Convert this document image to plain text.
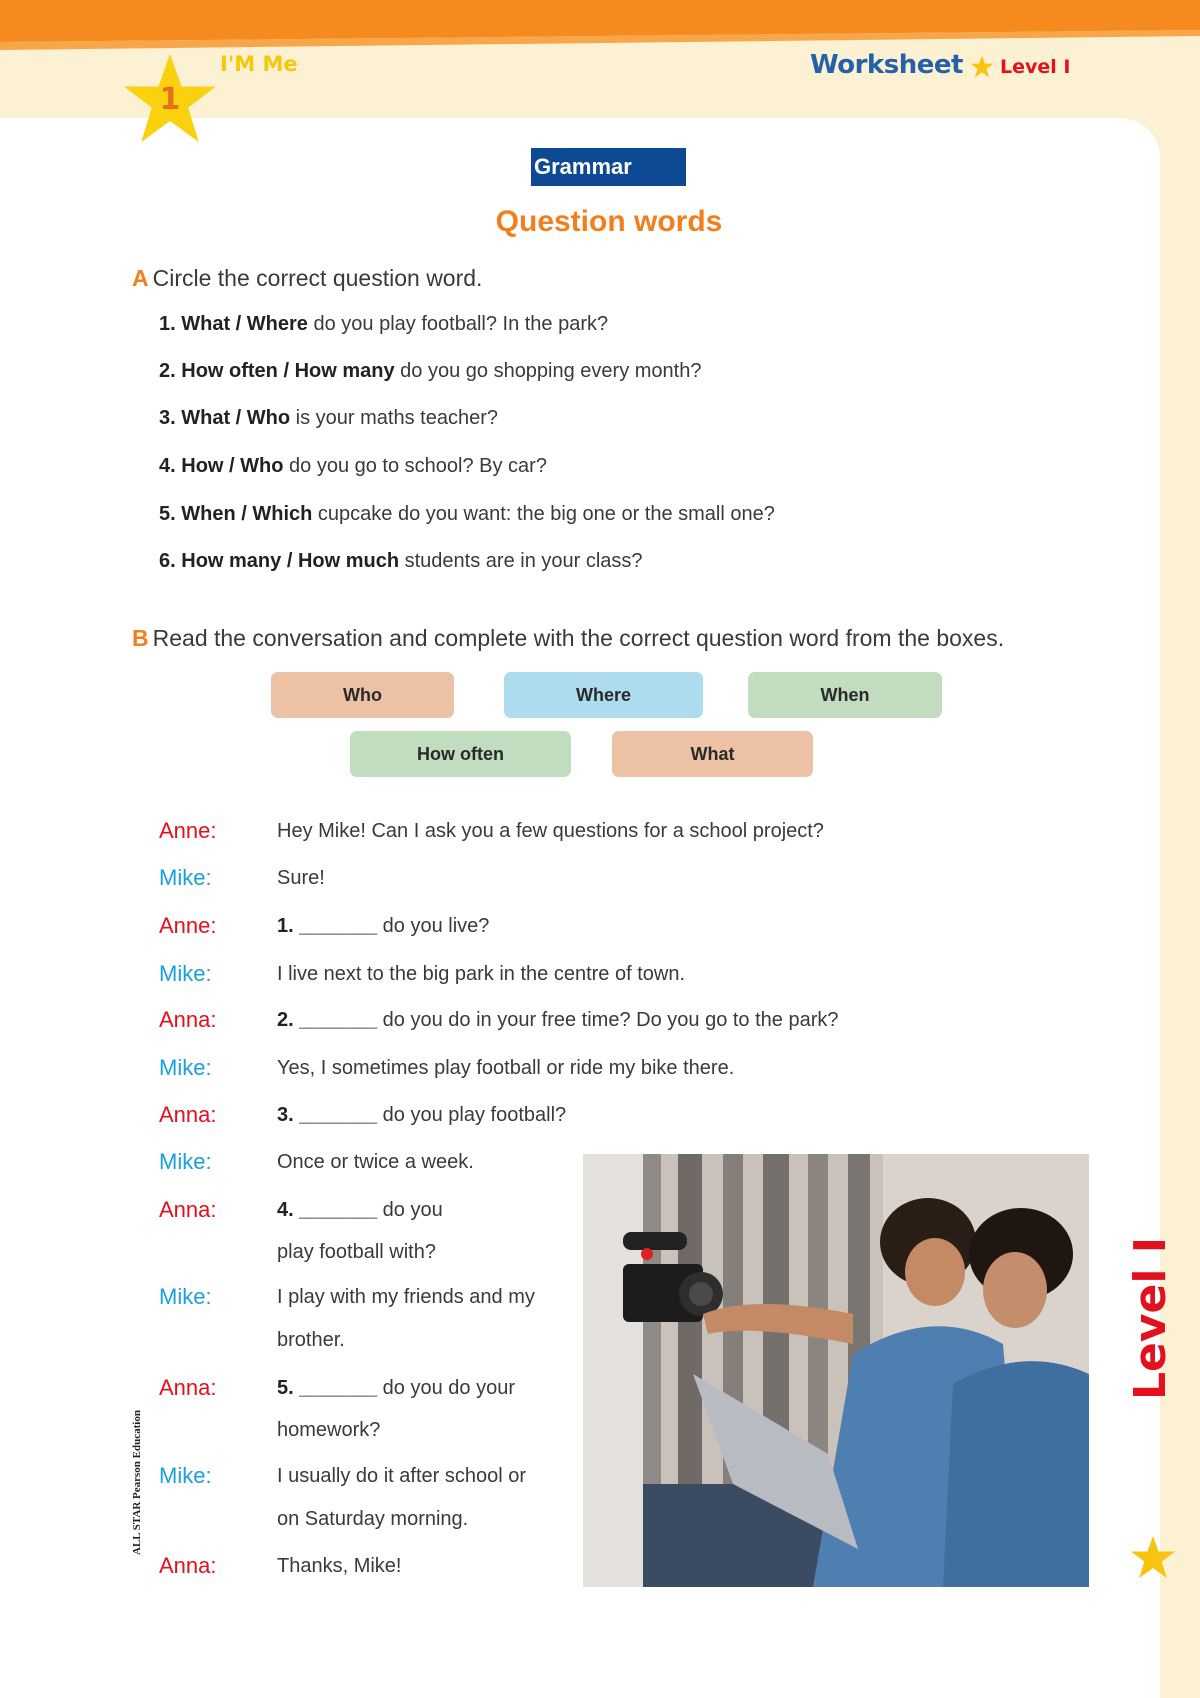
1
I'M Me	Worksheet Level I
Level I
ALL STAR Pearson Education
Grammar
Question words
A Circle the correct question word.
1. What / Where do you play football? In the park?
2. How often / How many do you go shopping every month?
3. What / Who is your maths teacher?
4. How / Who do you go to school? By car?
5. When / Which cupcake do you want: the big one or the small one?
6. How many / How much students are in your class?
B Read the conversation and complete with the correct question word from the boxes.
Who	Where	When
How often	What
Anne:	Hey Mike! Can I ask you a few questions for a school project?
Mike:	Sure!
Anne:	1. _______ do you live?
Mike:	I live next to the big park in the centre of town.
Anna:	2. _______ do you do in your free time? Do you go to the park?
Mike:	Yes, I sometimes play football or ride my bike there.
Anna:	3. _______ do you play football?
Mike:	Once or twice a week.
Anna:	4. _______ do you
play football with?
Mike:	I play with my friends and my
brother.
Anna:	5. _______ do you do your
homework?
Mike:	I usually do it after school or
on Saturday morning.
Anna:	Thanks, Mike!
